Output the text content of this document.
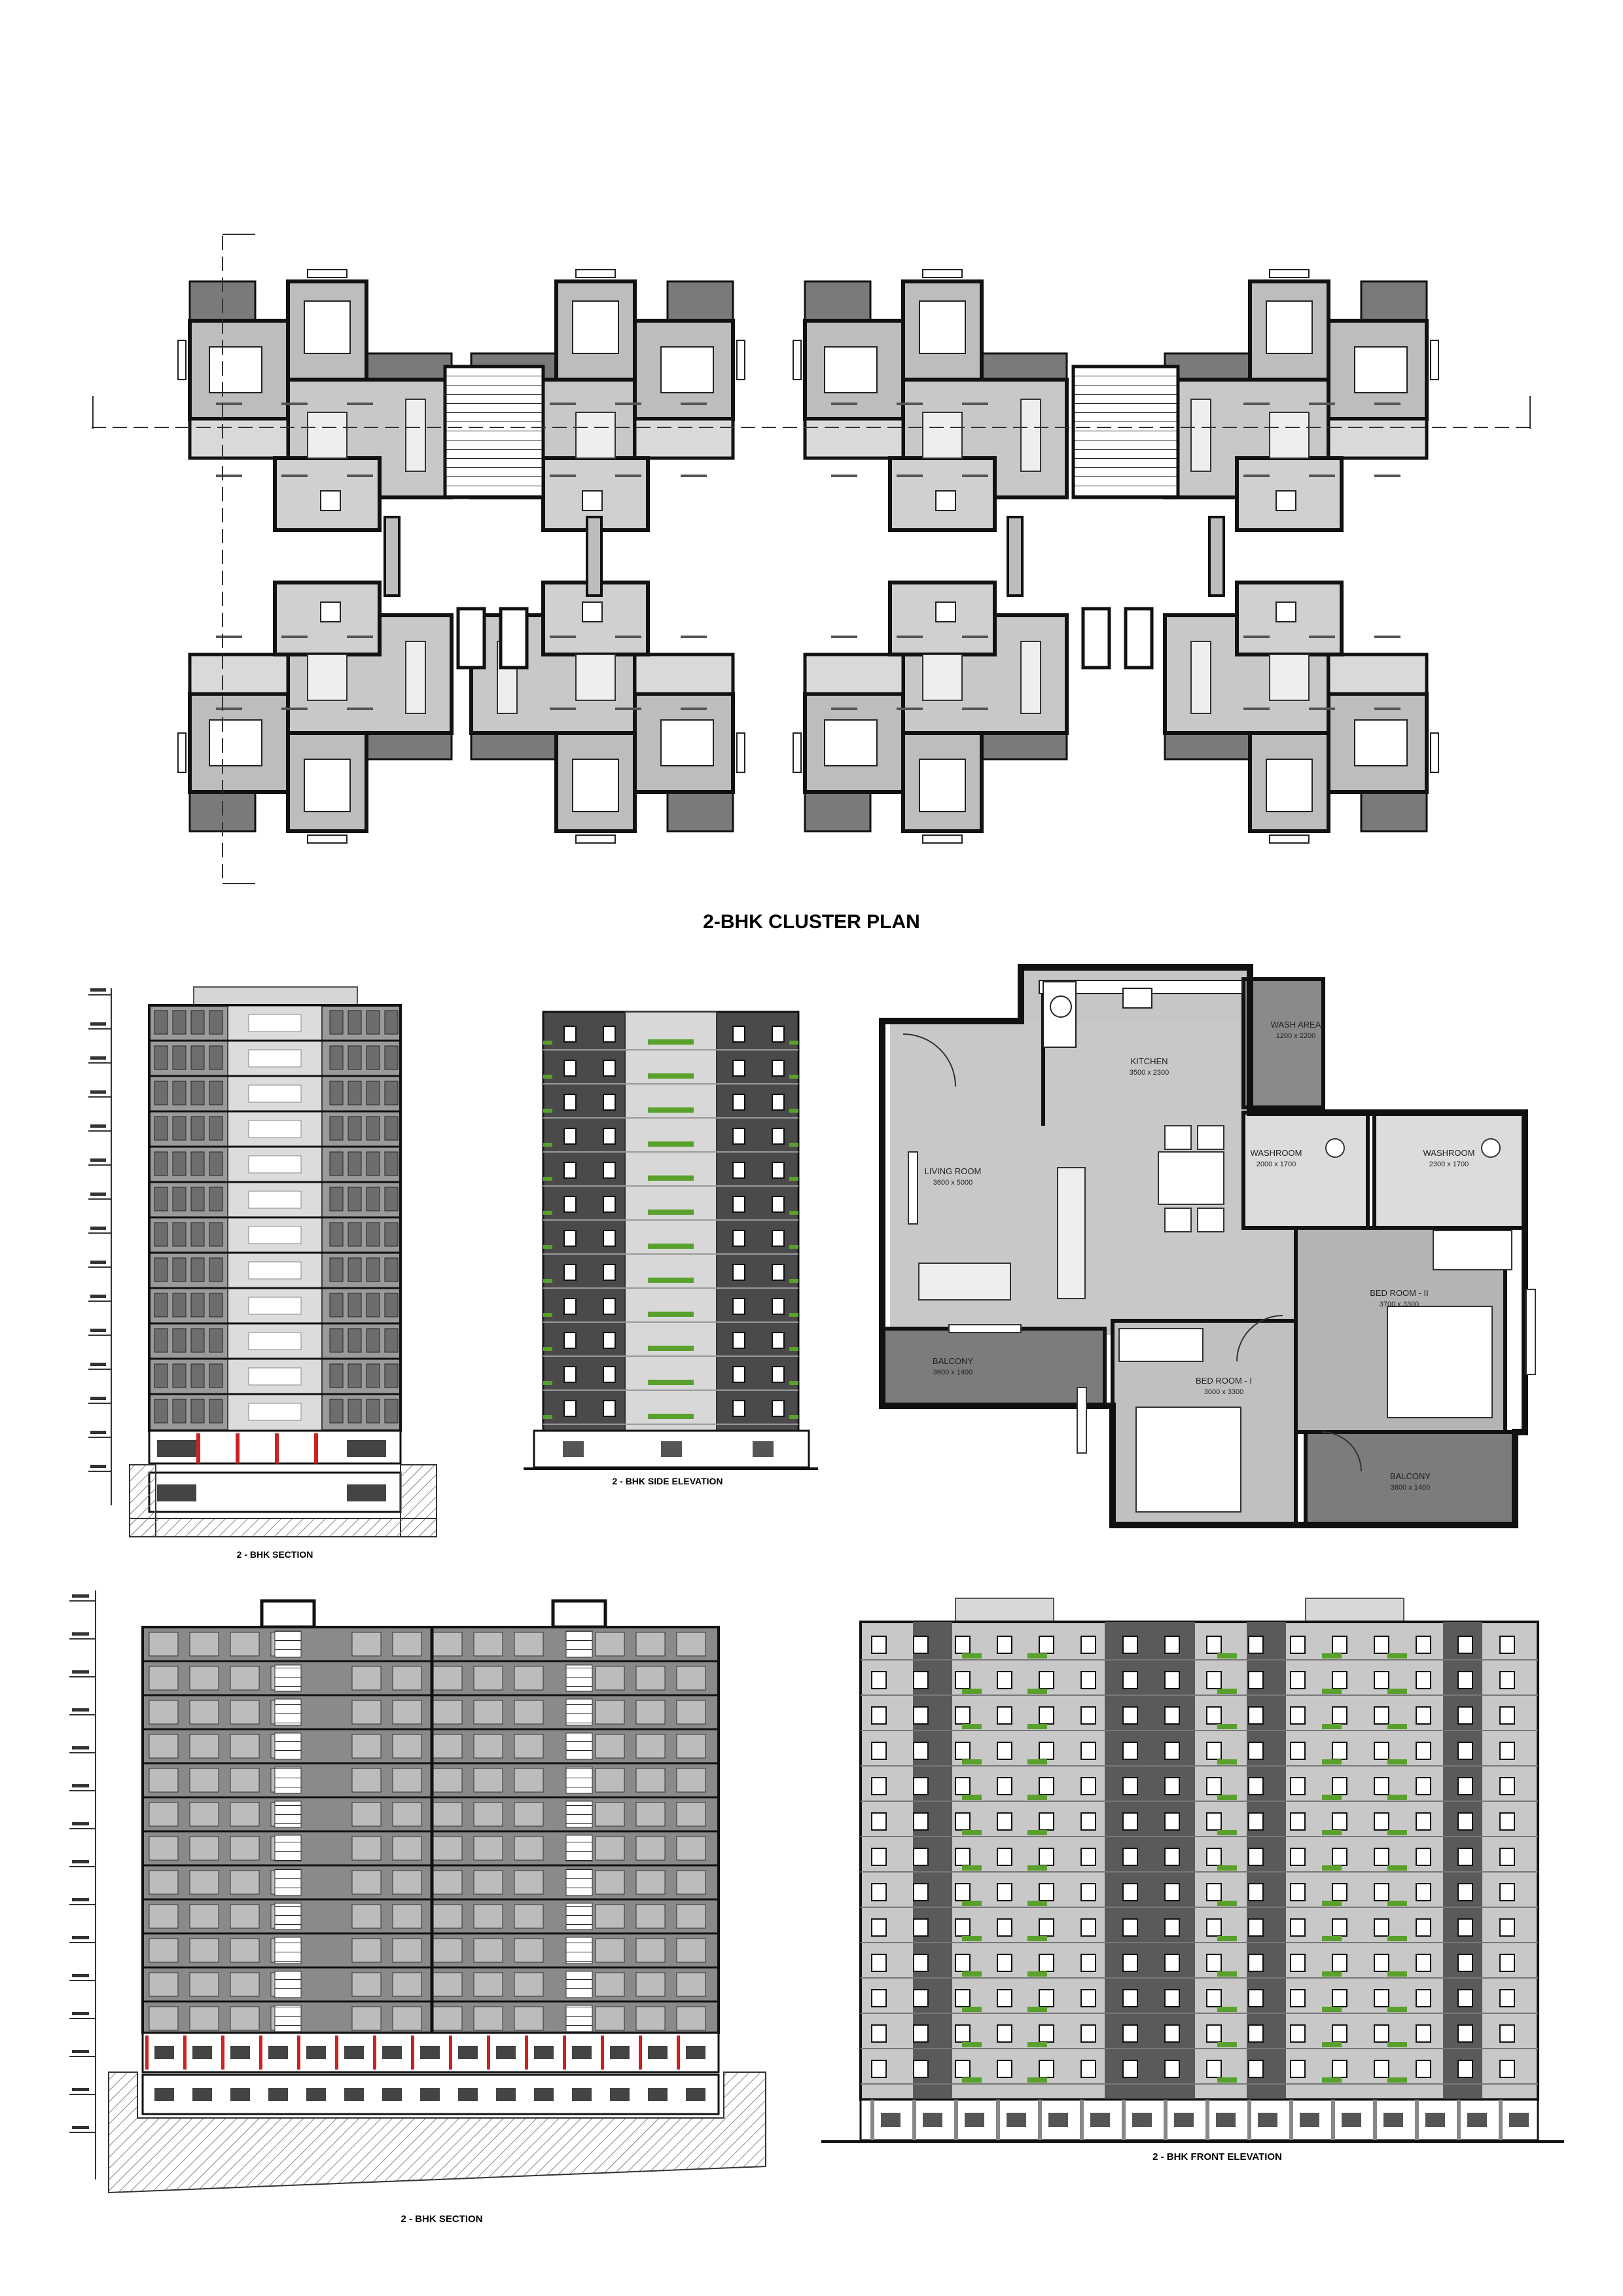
2-BHK CLUSTER PLAN
2 - BHK SECTION
2 - BHK SIDE ELEVATION
KITCHEN
3500 x 2300
WASH AREA
1200 x 2200
LIVING ROOM
3600 x 5000
WASHROOM
2000 x 1700
WASHROOM
2300 x 1700
BED ROOM - II
3700 x 3300
BALCONY
3600 x 1400
BED ROOM - I
3000 x 3300
BALCONY
3600 x 1400
2 - BHK SECTION
2 - BHK FRONT ELEVATION
